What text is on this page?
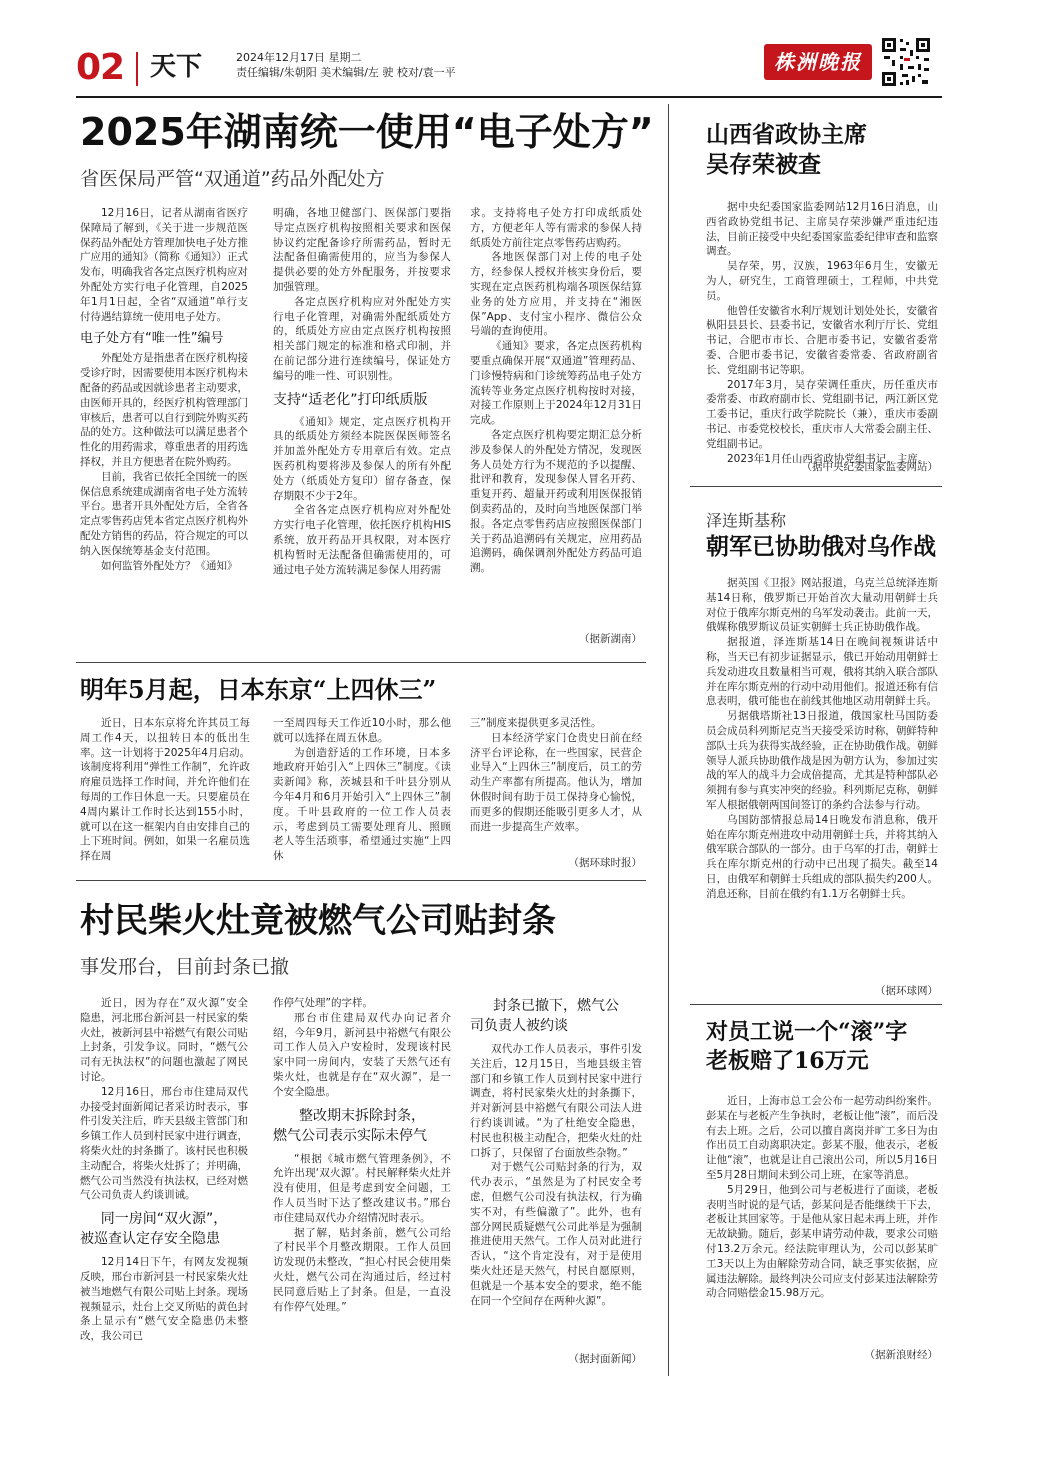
02 天下	2024年12月17日 星期二
责任编辑/朱朝阳 美术编辑/左 驶 校对/袁一平	株洲晚报
2025年湖南统一使用“电子处方”
省医保局严管“双通道”药品外配处方

12月16日，记者从湖南省医疗保障局了解到，《关于进一步规范医保药品外配处方管理加快电子处方推广应用的通知》（简称《通知》）正式发布，明确我省各定点医疗机构应对外配处方实行电子化管理，自2025年1月1日起，全省“双通道”单行支付待遇结算统一使用电子处方。

电子处方有“唯一性”编号

外配处方是指患者在医疗机构接受诊疗时，因需要使用本医疗机构未配备的药品或因就诊患者主动要求，由医师开具的，经医疗机构管理部门审核后，患者可以自行到院外购买药品的处方。这种做法可以满足患者个性化的用药需求，尊重患者的用药选择权，并且方便患者在院外购药。

目前，我省已依托全国统一的医保信息系统建成湖南省电子处方流转平台。患者开具外配处方后，全省各定点零售药店凭本省定点医疗机构外配处方销售的药品，符合规定的可以纳入医保统筹基金支付范围。

如何监管外配处方？《通知》

明确，各地卫健部门、医保部门要指导定点医疗机构按照相关要求和医保协议约定配备诊疗所需药品，暂时无法配备但确需使用的，应当为参保人提供必要的处方外配服务，并按要求加强管理。

各定点医疗机构应对外配处方实行电子化管理，对确需外配纸质处方的，纸质处方应由定点医疗机构按照相关部门规定的标准和格式印制，并在前记部分进行连续编号，保证处方编号的唯一性、可识别性。

支持“适老化”打印纸质版

《通知》规定，定点医疗机构开具的纸质处方须经本院医保医师签名并加盖外配处方专用章后有效。定点医药机构要将涉及参保人的所有外配处方（纸质处方复印）留存备查，保存期限不少于2年。

全省各定点医疗机构应对外配处方实行电子化管理，依托医疗机构HIS系统，放开药品开具权限，对本医疗机构暂时无法配备但确需使用的，可通过电子处方流转满足参保人用药需

求。支持将电子处方打印成纸质处方，方便老年人等有需求的参保人持纸质处方前往定点零售药店购药。

各地医保部门对上传的电子处方，经参保人授权并核实身份后，要实现在定点医药机构端各项医保结算业务的处方应用，并支持在“湘医保”App、支付宝小程序、微信公众号端的查询使用。

《通知》要求，各定点医药机构要重点确保开展“双通道”管理药品、门诊慢特病和门诊统筹药品电子处方流转等业务定点医疗机构按时对接，对接工作原则上于2024年12月31日完成。

各定点医疗机构要定期汇总分析涉及参保人的外配处方情况，发现医务人员处方行为不规范的予以提醒、批评和教育，发现参保人冒名开药、重复开药、超量开药或利用医保报销倒卖药品的，及时向当地医保部门举报。各定点零售药店应按照医保部门关于药品追溯码有关规定，应用药品追溯码，确保调剂外配处方药品可追溯。

（据新湖南）
明年5月起，日本东京“上四休三”

近日，日本东京将允许其员工每周工作4天，以扭转日本的低出生率。这一计划将于2025年4月启动。该制度将利用“弹性工作制”，允许政府雇员选择工作时间，并允许他们在每周的工作日休息一天。只要雇员在4周内累计工作时长达到155小时，就可以在这一框架内自由安排自己的上下班时间。例如，如果一名雇员选择在周

一至周四每天工作近10小时，那么他就可以选择在周五休息。

为创造舒适的工作环境，日本多地政府开始引入“上四休三”制度。《读卖新闻》称，茨城县和千叶县分别从今年4月和6月开始引入“上四休三”制度。千叶县政府的一位工作人员表示，考虑到员工需要处理育儿、照顾老人等生活琐事，希望通过实施“上四休

三”制度来提供更多灵活性。

日本经济学家门仓贵史日前在经济平台评论称，在一些国家，民营企业导入“上四休三”制度后，员工的劳动生产率都有所提高。他认为，增加休假时间有助于员工保持身心愉悦，而更多的假期还能吸引更多人才，从而进一步提高生产效率。

（据环球时报）
村民柴火灶竟被燃气公司贴封条
事发邢台，目前封条已撤

近日，因为存在“双火源”安全隐患，河北邢台新河县一村民家的柴火灶，被新河县中裕燃气有限公司贴上封条，引发争议。同时，“燃气公司有无执法权”的问题也激起了网民讨论。

12月16日，邢台市住建局双代办接受封面新闻记者采访时表示，事件引发关注后，昨天县级主管部门和乡镇工作人员到村民家中进行调查，将柴火灶的封条撕了。该村民也积极主动配合，将柴火灶拆了；并明确，燃气公司当然没有执法权，已经对燃气公司负责人约谈训诫。

同一房间“双火源”，
被巡查认定存安全隐患

12月14日下午，有网友发视频反映，邢台市新河县一村民家柴火灶被当地燃气有限公司贴上封条。现场视频显示，灶台上交叉所贴的黄色封条上显示有“燃气安全隐患仍未整改，我公司已

作停气处理”的字样。

邢台市住建局双代办向记者介绍，今年9月，新河县中裕燃气有限公司工作人员入户安检时，发现该村民家中同一房间内，安装了天然气还有柴火灶，也就是存在“双火源”，是一个安全隐患。

整改期末拆除封条，
燃气公司表示实际未停气

“根据《城市燃气管理条例》，不允许出现‘双火源’。村民解释柴火灶并没有使用，但是考虑到安全问题，工作人员当时下达了整改建议书。”邢台市住建局双代办介绍情况时表示。

据了解，贴封条前，燃气公司给了村民半个月整改期限。工作人员回访发现仍未整改，“担心村民会使用柴火灶，燃气公司在沟通过后，经过村民同意后贴上了封条。但是，一直没有作停气处理。”

封条已撤下，燃气公
司负责人被约谈

双代办工作人员表示，事件引发关注后，12月15日，当地县级主管部门和乡镇工作人员到村民家中进行调查，将村民家柴火灶的封条撕下，并对新河县中裕燃气有限公司法人进行约谈训诫。“为了杜绝安全隐患，村民也积极主动配合，把柴火灶的灶口拆了，只保留了台面放些杂物。”

对于燃气公司贴封条的行为，双代办表示，“虽然是为了村民安全考虑，但燃气公司没有执法权，行为确实不对，有些偏激了”。此外，也有部分网民质疑燃气公司此举是为强制推进使用天然气。工作人员对此进行否认，“这个肯定没有，对于是使用柴火灶还是天然气，村民自愿原则，但就是一个基本安全的要求，绝不能在同一个空间存在两种火源”。

（据封面新闻）
山西省政协主席
吴存荣被查

据中央纪委国家监委网站12月16日消息，山西省政协党组书记、主席吴存荣涉嫌严重违纪违法，目前正接受中央纪委国家监委纪律审查和监察调查。

吴存荣，男，汉族，1963年6月生，安徽无为人，研究生，工商管理硕士，工程师，中共党员。

他曾任安徽省水利厅规划计划处处长，安徽省枞阳县县长、县委书记，安徽省水利厅厅长、党组书记，合肥市市长、合肥市委书记，安徽省委常委、合肥市委书记，安徽省委常委、省政府副省长、党组副书记等职。

2017年3月，吴存荣调任重庆，历任重庆市委常委、市政府副市长、党组副书记，两江新区党工委书记，重庆行政学院院长（兼），重庆市委副书记、市委党校校长，重庆市人大常委会副主任、党组副书记。

2023年1月任山西省政协党组书记、主席。

（据中央纪委国家监委网站）
泽连斯基称
朝军已协助俄对乌作战

据英国《卫报》网站报道，乌克兰总统泽连斯基14日称，俄罗斯已开始首次大量动用朝鲜士兵对位于俄库尔斯克州的乌军发动袭击。此前一天，俄媒称俄罗斯议员证实朝鲜士兵正协助俄作战。

据报道，泽连斯基14日在晚间视频讲话中称，当天已有初步证据显示，俄已开始动用朝鲜士兵发动进攻且数量相当可观，俄将其纳入联合部队并在库尔斯克州的行动中动用他们。报道还称有信息表明，俄可能也在前线其他地区动用朝鲜士兵。

另据俄塔斯社13日报道，俄国家杜马国防委员会成员科列斯尼克当天接受采访时称，朝鲜特种部队士兵为获得实战经验，正在协助俄作战。朝鲜领导人派兵协助俄作战是因为朝方认为，参加过实战的军人的战斗力会成倍提高，尤其是特种部队必须拥有参与真实冲突的经验。科列斯尼克称，朝鲜军人根据俄朝两国间签订的条约合法参与行动。

乌国防部情报总局14日晚发布消息称，俄开始在库尔斯克州进攻中动用朝鲜士兵，并将其纳入俄军联合部队的一部分。由于乌军的打击，朝鲜士兵在库尔斯克州的行动中已出现了损失。截至14日，由俄军和朝鲜士兵组成的部队损失约200人。消息还称，目前在俄约有1.1万名朝鲜士兵。

（据环球网）
对员工说一个“滚”字
老板赔了16万元

近日，上海市总工会公布一起劳动纠纷案件。彭某在与老板产生争执时，老板让他“滚”，而后没有去上班。之后，公司以擅自离岗并旷工多日为由作出员工自动离职决定。彭某不服，他表示，老板让他“滚”，也就是让自己滚出公司，所以5月16日至5月28日期间未到公司上班，在家等消息。

5月29日，他到公司与老板进行了面谈，老板表明当时说的是气话，彭某问是否能继续干下去，老板让其回家等。于是他从家日起未再上班，并作无故缺勤。随后，彭某申请劳动仲裁，要求公司赔付13.2万余元。经法院审理认为，公司以彭某旷工3天以上为由解除劳动合同，缺乏事实依据，应属违法解除。最终判决公司应支付彭某违法解除劳动合同赔偿金15.98万元。

（据新浪财经）
